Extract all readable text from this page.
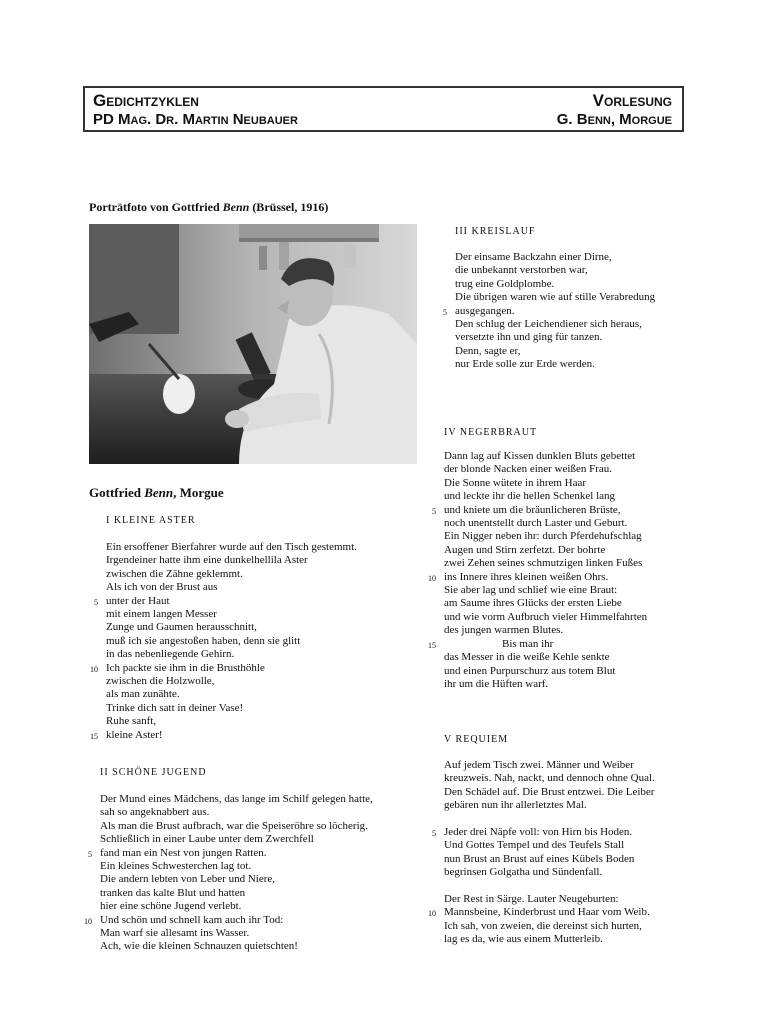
Gedichtzyklen	Vorlesung
PD Mag. Dr. Martin Neubauer	G. Benn, Morgue
Porträtfoto von Gottfried Benn (Brüssel, 1916)
Gottfried Benn, Morgue
I KLEINE ASTER
Ein ersoffener Bierfahrer wurde auf den Tisch gestemmt.
Irgendeiner hatte ihm eine dunkelhellila Aster
zwischen die Zähne geklemmt.
Als ich von der Brust aus
5 unter der Haut
mit einem langen Messer
Zunge und Gaumen herausschnitt,
muß ich sie angestoßen haben, denn sie glitt
in das nebenliegende Gehirn.
10 Ich packte sie ihm in die Brusthöhle
zwischen die Holzwolle,
als man zunähte.
Trinke dich satt in deiner Vase!
Ruhe sanft,
15 kleine Aster!
II SCHÖNE JUGEND
Der Mund eines Mädchens, das lange im Schilf gelegen hatte,
sah so angeknabbert aus.
Als man die Brust aufbrach, war die Speiseröhre so löcherig.
Schließlich in einer Laube unter dem Zwerchfell
5 fand man ein Nest von jungen Ratten.
Ein kleines Schwesterchen lag tot.
Die andern lebten von Leber und Niere,
tranken das kalte Blut und hatten
hier eine schöne Jugend verlebt.
10 Und schön und schnell kam auch ihr Tod:
Man warf sie allesamt ins Wasser.
Ach, wie die kleinen Schnauzen quietschten!
III KREISLAUF
Der einsame Backzahn einer Dirne,
die unbekannt verstorben war,
trug eine Goldplombe.
Die übrigen waren wie auf stille Verabredung
5 ausgegangen.
Den schlug der Leichendiener sich heraus,
versetzte ihn und ging für tanzen.
Denn, sagte er,
nur Erde solle zur Erde werden.
IV NEGERBRAUT
Dann lag auf Kissen dunklen Bluts gebettet
der blonde Nacken einer weißen Frau.
Die Sonne wütete in ihrem Haar
und leckte ihr die hellen Schenkel lang
5 und kniete um die bräunlicheren Brüste,
noch unentstellt durch Laster und Geburt.
Ein Nigger neben ihr: durch Pferdehufschlag
Augen und Stirn zerfetzt. Der bohrte
zwei Zehen seines schmutzigen linken Fußes
10 ins Innere ihres kleinen weißen Ohrs.
Sie aber lag und schlief wie eine Braut:
am Saume ihres Glücks der ersten Liebe
und wie vorm Aufbruch vieler Himmelfahrten
des jungen warmen Blutes.
15	Bis man ihr
das Messer in die weiße Kehle senkte
und einen Purpurschurz aus totem Blut
ihr um die Hüften warf.
V REQUIEM
Auf jedem Tisch zwei. Männer und Weiber
kreuzweis. Nah, nackt, und dennoch ohne Qual.
Den Schädel auf. Die Brust entzwei. Die Leiber
gebären nun ihr allerletztes Mal.
5 Jeder drei Näpfe voll: von Hirn bis Hoden.
Und Gottes Tempel und des Teufels Stall
nun Brust an Brust auf eines Kübels Boden
begrinsen Golgatha und Sündenfall.
Der Rest in Särge. Lauter Neugeburten:
10 Mannsbeine, Kinderbrust und Haar vom Weib.
Ich sah, von zweien, die dereinst sich hurten,
lag es da, wie aus einem Mutterleib.
